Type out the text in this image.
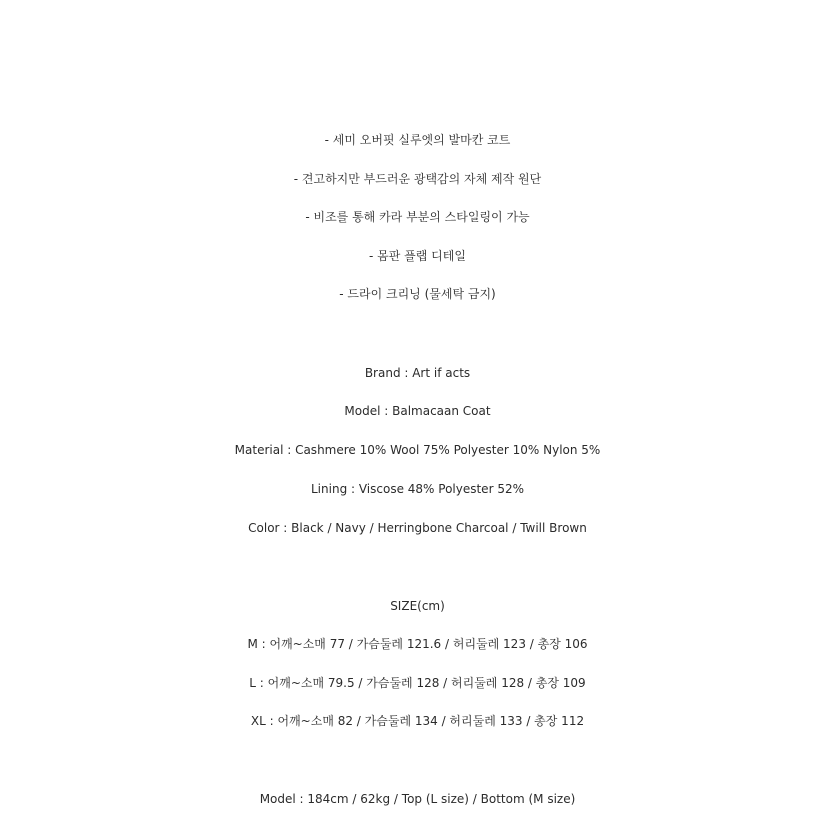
- 세미 오버핏 실루엣의 발마칸 코트
- 견고하지만 부드러운 광택감의 자체 제작 원단
- 비조를 통해 카라 부분의 스타일링이 가능
- 몸판 플랩 디테일
- 드라이 크리닝 (물세탁 금지)
Brand : Art if acts
Model : Balmacaan Coat
Material : Cashmere 10% Wool 75% Polyester 10% Nylon 5%
Lining : Viscose 48% Polyester 52%
Color : Black / Navy / Herringbone Charcoal / Twill Brown
SIZE(cm)
M : 어깨~소매 77 / 가슴둘레 121.6 / 허리둘레 123 / 총장 106
L : 어깨~소매 79.5 / 가슴둘레 128 / 허리둘레 128 / 총장 109
XL : 어깨~소매 82 / 가슴둘레 134 / 허리둘레 133 / 총장 112
Model : 184cm / 62kg / Top (L size) / Bottom (M size)
